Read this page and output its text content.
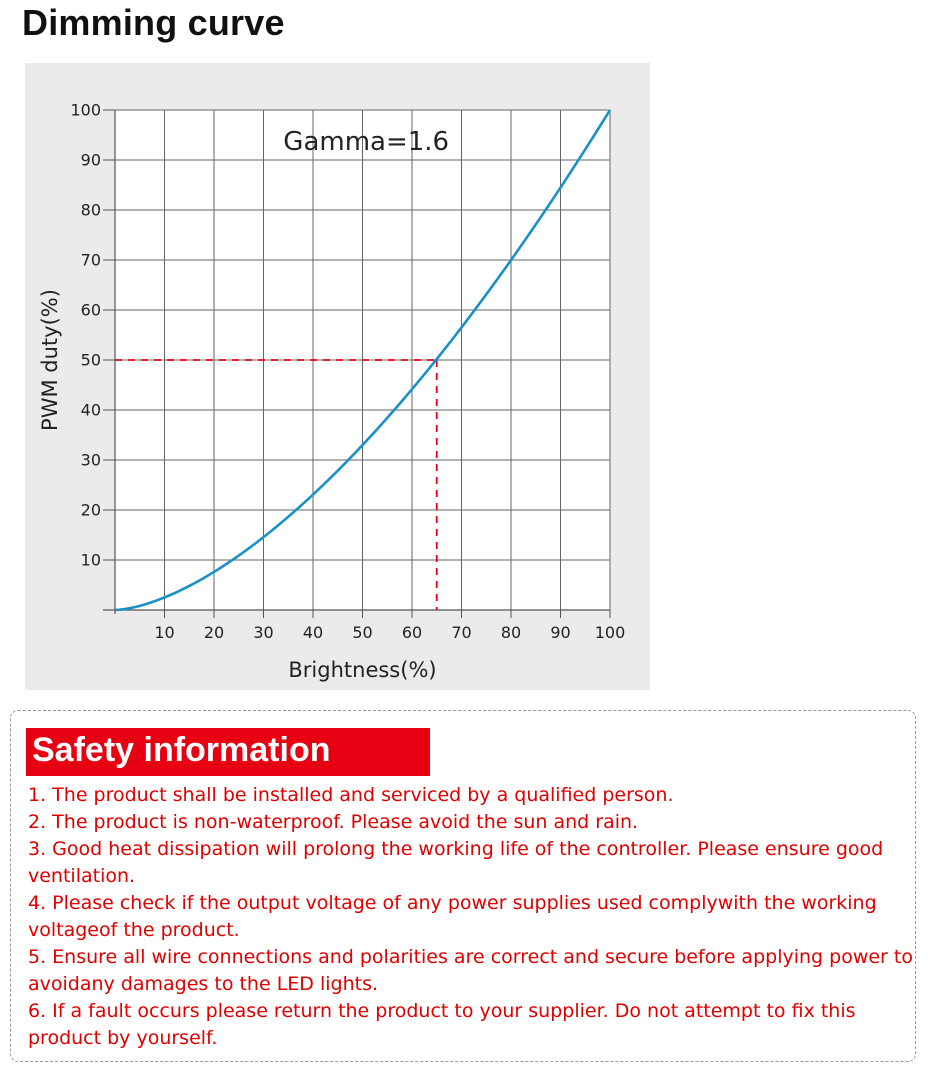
Dimming curve
10
20
30
40
50
60
70
80
90
100
10 20 30 40 50 60 70 80 90 100
Gamma=1.6
Brightness(%)
PWM duty(%)
Safety information
1. The product shall be installed and serviced by a qualified person.
2. The product is non-waterproof. Please avoid the sun and rain.
3. Good heat dissipation will prolong the working life of the controller. Please ensure good ventilation.
4. Please check if the output voltage of any power supplies used complywith the working voltageof the product.
5. Ensure all wire connections and polarities are correct and secure before applying power to avoidany damages to the LED lights.
6. If a fault occurs please return the product to your supplier. Do not attempt to fix this product by yourself.
